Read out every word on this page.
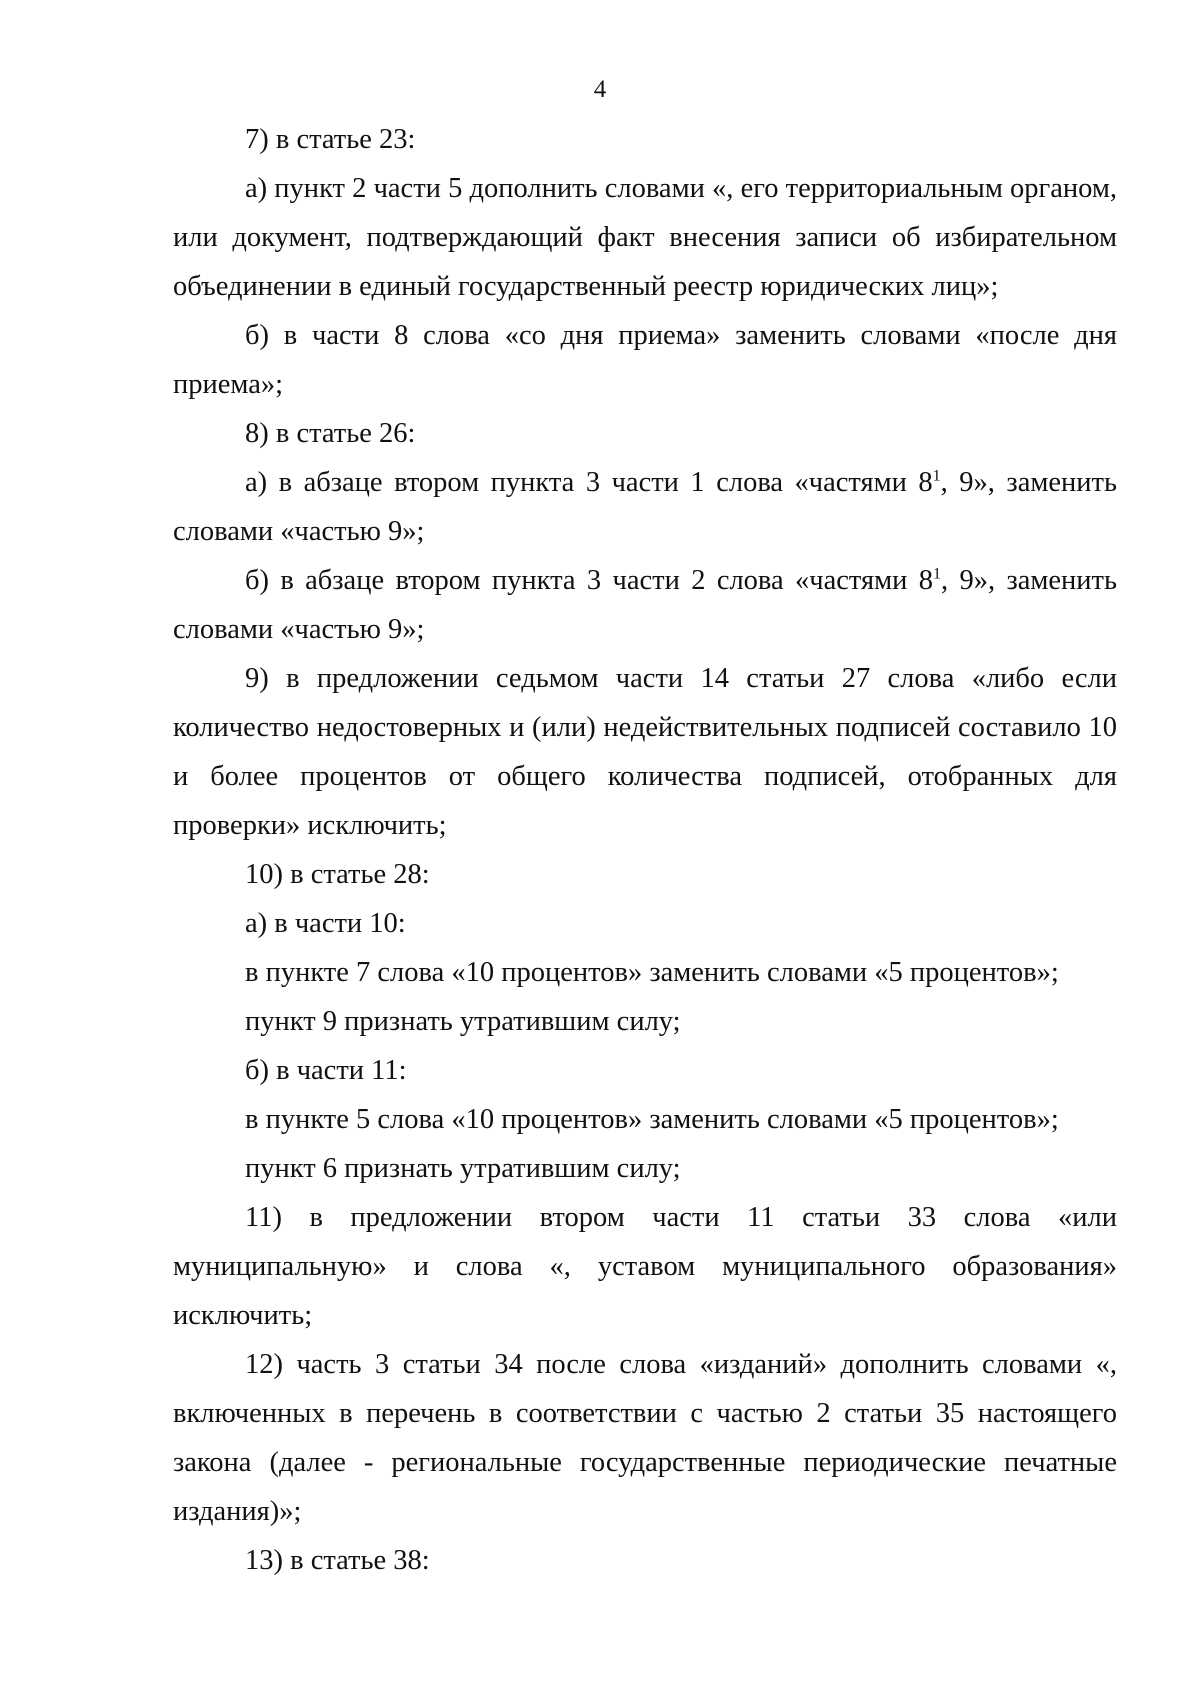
4

7) в статье 23:

а) пункт 2 части 5 дополнить словами «, его территориальным органом, или документ, подтверждающий факт внесения записи об избирательном объединении в единый государственный реестр юридических лиц»;

б) в части 8 слова «со дня приема» заменить словами «после дня приема»;

8) в статье 26:

а) в абзаце втором пункта 3 части 1 слова «частями $8^1$, 9», заменить словами «частью 9»;

б) в абзаце втором пункта 3 части 2 слова «частями $8^1$, 9», заменить словами «частью 9»;

9) в предложении седьмом части 14 статьи 27 слова «либо если количество недостоверных и (или) недействительных подписей составило 10 и более процентов от общего количества подписей, отобранных для проверки» исключить;

10) в статье 28:

а) в части 10:

в пункте 7 слова «10 процентов» заменить словами «5 процентов»;

пункт 9 признать утратившим силу;

б) в части 11:

в пункте 5 слова «10 процентов» заменить словами «5 процентов»;

пункт 6 признать утратившим силу;

11) в предложении втором части 11 статьи 33 слова «или муниципальную» и слова «, уставом муниципального образования» исключить;

12) часть 3 статьи 34 после слова «изданий» дополнить словами «, включенных в перечень в соответствии с частью 2 статьи 35 настоящего закона (далее - региональные государственные периодические печатные издания)»;

13) в статье 38:
